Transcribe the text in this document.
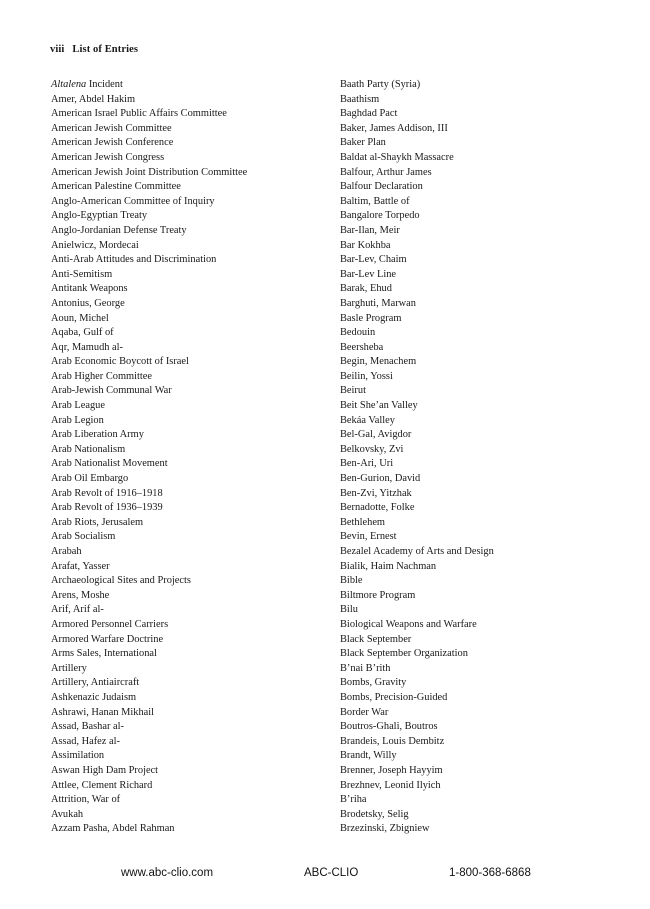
viii List of Entries
Altalena Incident
Amer, Abdel Hakim
American Israel Public Affairs Committee
American Jewish Committee
American Jewish Conference
American Jewish Congress
American Jewish Joint Distribution Committee
American Palestine Committee
Anglo-American Committee of Inquiry
Anglo-Egyptian Treaty
Anglo-Jordanian Defense Treaty
Anielwicz, Mordecai
Anti-Arab Attitudes and Discrimination
Anti-Semitism
Antitank Weapons
Antonius, George
Aoun, Michel
Aqaba, Gulf of
Aqr, Mamudh al-
Arab Economic Boycott of Israel
Arab Higher Committee
Arab-Jewish Communal War
Arab League
Arab Legion
Arab Liberation Army
Arab Nationalism
Arab Nationalist Movement
Arab Oil Embargo
Arab Revolt of 1916–1918
Arab Revolt of 1936–1939
Arab Riots, Jerusalem
Arab Socialism
Arabah
Arafat, Yasser
Archaeological Sites and Projects
Arens, Moshe
Arif, Arif al-
Armored Personnel Carriers
Armored Warfare Doctrine
Arms Sales, International
Artillery
Artillery, Antiaircraft
Ashkenazic Judaism
Ashrawi, Hanan Mikhail
Assad, Bashar al-
Assad, Hafez al-
Assimilation
Aswan High Dam Project
Attlee, Clement Richard
Attrition, War of
Avukah
Azzam Pasha, Abdel Rahman
Baath Party (Syria)
Baathism
Baghdad Pact
Baker, James Addison, III
Baker Plan
Baldat al-Shaykh Massacre
Balfour, Arthur James
Balfour Declaration
Baltim, Battle of
Bangalore Torpedo
Bar-Ilan, Meir
Bar Kokhba
Bar-Lev, Chaim
Bar-Lev Line
Barak, Ehud
Barghuti, Marwan
Basle Program
Bedouin
Beersheba
Begin, Menachem
Beilin, Yossi
Beirut
Beit She’an Valley
Bekáa Valley
Bel-Gal, Avigdor
Belkovsky, Zvi
Ben-Ari, Uri
Ben-Gurion, David
Ben-Zvi, Yitzhak
Bernadotte, Folke
Bethlehem
Bevin, Ernest
Bezalel Academy of Arts and Design
Bialik, Haim Nachman
Bible
Biltmore Program
Bilu
Biological Weapons and Warfare
Black September
Black September Organization
B’nai B’rith
Bombs, Gravity
Bombs, Precision-Guided
Border War
Boutros-Ghali, Boutros
Brandeis, Louis Dembitz
Brandt, Willy
Brenner, Joseph Hayyim
Brezhnev, Leonid Ilyich
B’riha
Brodetsky, Selig
Brzezinski, Zbigniew
www.abc-clio.com	ABC-CLIO	1-800-368-6868
